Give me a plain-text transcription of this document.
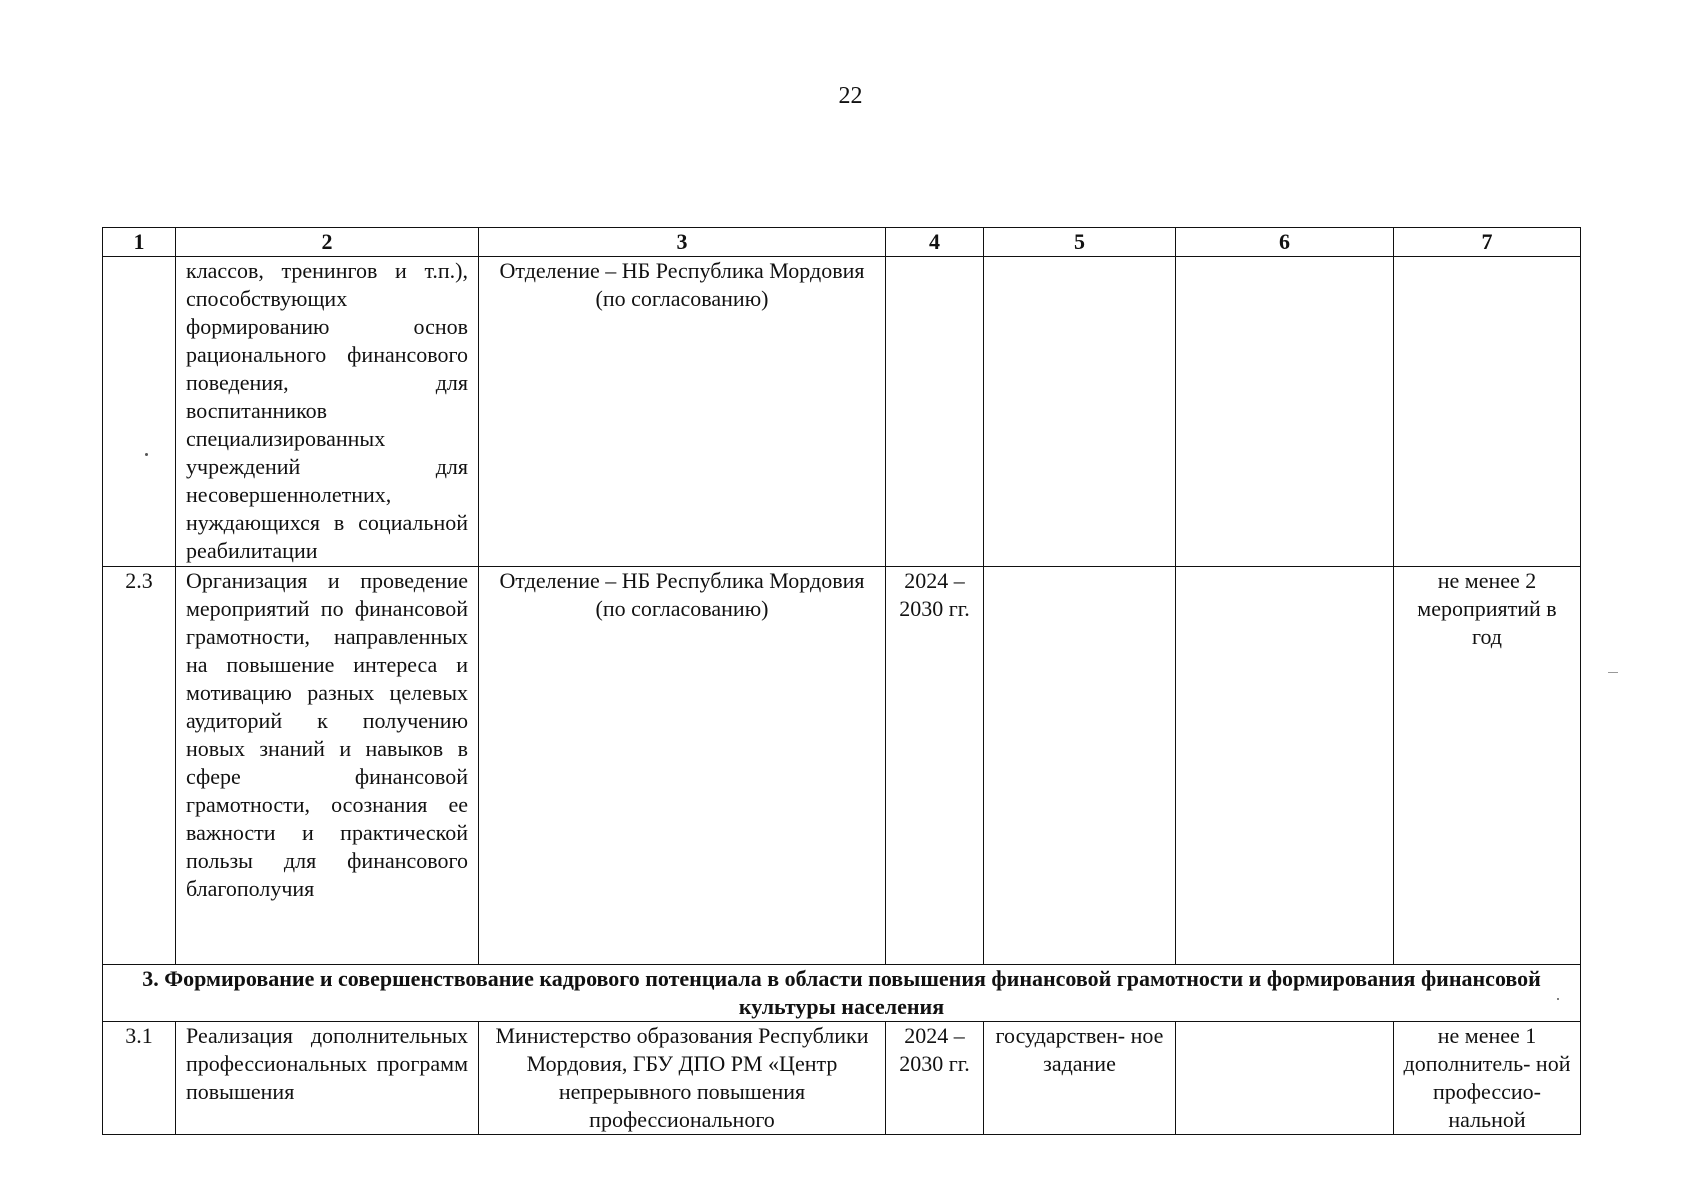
22
1	2	3	4	5	6	7
	классов, тренингов и т.п.), способствующих формированию основ рационального финансового поведения, для воспитанников специализированных учреждений для несовершеннолетних, нуждающихся в социальной реабилитации	Отделение – НБ Республика Мордовия (по согласованию)				
2.3	Организация и проведение мероприятий по финансовой грамотности, направленных на повышение интереса и мотивацию разных целевых аудиторий к получению новых знаний и навыков в сфере финансовой грамотности, осознания ее важности и практической пользы для финансового благополучия	Отделение – НБ Республика Мордовия (по согласованию)	2024 – 2030 гг.			не менее 2 мероприятий в год
3. Формирование и совершенствование кадрового потенциала в области повышения финансовой грамотности и формирования финансовой культуры населения						
3.1	Реализация дополнительных профессиональных программ повышения	Министерство образования Республики Мордовия, ГБУ ДПО РМ «Центр непрерывного повышения профессионального	2024 – 2030 гг.	государствен- ное задание		не менее 1 дополнитель- ной профессио- нальной
